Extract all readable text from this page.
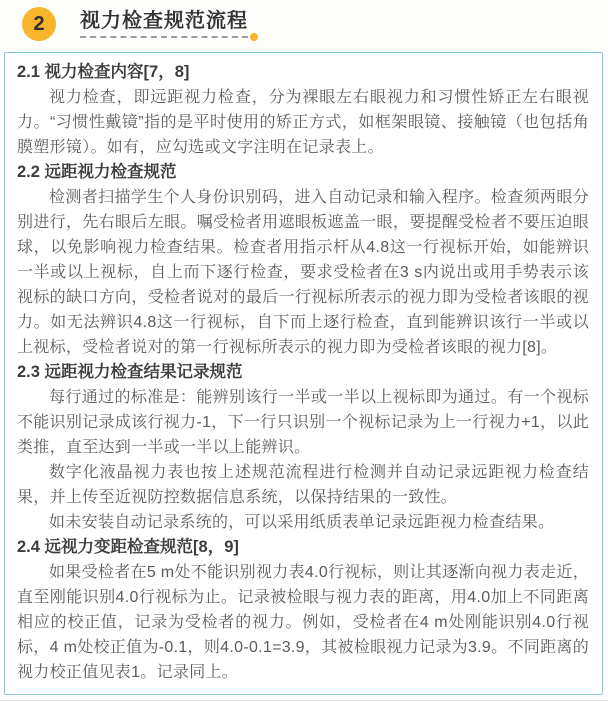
2 视力检查规范流程
2.1 视力检查内容[7，8]

视力检查，即远距视力检查，分为裸眼左右眼视力和习惯性矫正左右眼视力。“习惯性戴镜”指的是平时使用的矫正方式，如框架眼镜、接触镜（也包括角膜塑形镜）。如有，应勾选或文字注明在记录表上。

2.2 远距视力检查规范

检测者扫描学生个人身份识别码，进入自动记录和输入程序。检查须两眼分别进行，先右眼后左眼。嘱受检者用遮眼板遮盖一眼，要提醒受检者不要压迫眼球，以免影响视力检查结果。检查者用指示杆从4.8这一行视标开始，如能辨识一半或以上视标，自上而下逐行检查，要求受检者在3 s内说出或用手势表示该视标的缺口方向，受检者说对的最后一行视标所表示的视力即为受检者该眼的视力。如无法辨识4.8这一行视标，自下而上逐行检查，直到能辨识该行一半或以上视标，受检者说对的第一行视标所表示的视力即为受检者该眼的视力[8]。

2.3 远距视力检查结果记录规范

每行通过的标准是：能辨别该行一半或一半以上视标即为通过。有一个视标不能识别记录成该行视力-1，下一行只识别一个视标记录为上一行视力+1，以此类推，直至达到一半或一半以上能辨识。

数字化液晶视力表也按上述规范流程进行检测并自动记录远距视力检查结果，并上传至近视防控数据信息系统，以保持结果的一致性。

如未安装自动记录系统的，可以采用纸质表单记录远距视力检查结果。

2.4 远视力变距检查规范[8，9]

如果受检者在5 m处不能识别视力表4.0行视标，则让其逐渐向视力表走近，直至刚能识别4.0行视标为止。记录被检眼与视力表的距离，用4.0加上不同距离相应的校正值，记录为受检者的视力。例如，受检者在4 m处刚能识别4.0行视标，4 m处校正值为-0.1，则4.0-0.1=3.9，其被检眼视力记录为3.9。不同距离的视力校正值见表1。记录同上。
